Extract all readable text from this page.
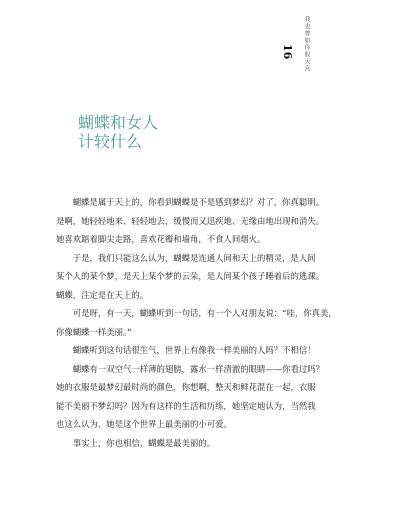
我也曾如你般天真
16
蝴蝶和女人
计较什么

蝴蝶是属于天上的，你看到蝴蝶是不是感到梦幻？对了，你真聪明。

是啊，她轻轻地来、轻轻地去，缓慢而又迅疾地、无缘由地出现和消失。

她喜欢踮着脚尖走路，喜欢花瓣和墙角，不食人间烟火。

于是，我们只能这么认为，蝴蝶是连通人间和天上的精灵，是人间

某个人的某个梦，是天上某个梦的云朵，是人间某个孩子睡着后的逃课。

蝴蝶，注定是在天上的。

可是呀，有一天，蝴蝶听到一句话，有一个人对朋友说：“哇，你真美，

你像蝴蝶一样美丽。”

蝴蝶听到这句话很生气，世界上有像我一样美丽的人吗？不相信！

蝴蝶有一双空气一样薄的翅膀，露水一样清澈的眼睛——你看过吗？

她的衣服是最梦幻最时尚的颜色，你想啊，整天和鲜花混在一起，衣服

能不美丽不梦幻吗？因为有这样的生活和历练，她坚定地认为，当然我

也这么认为，她是这个世界上最美丽的小可爱。

事实上，你也相信，蝴蝶是最美丽的。
